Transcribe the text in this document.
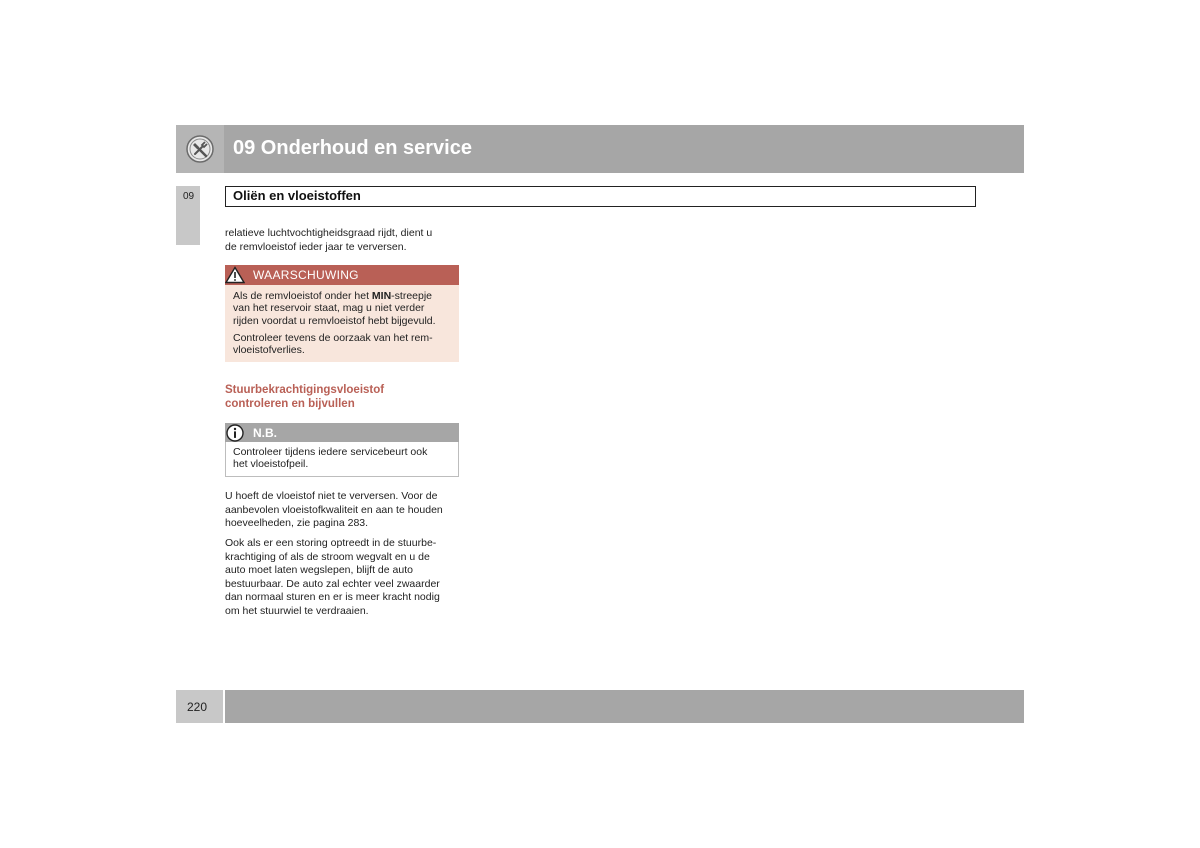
09 Onderhoud en service
09	Oliën en vloeistoffen
relatieve luchtvochtigheidsgraad rijdt, dient u
de remvloeistof ieder jaar te verversen.
WAARSCHUWING
Als de remvloeistof onder het MIN-streepje
van het reservoir staat, mag u niet verder
rijden voordat u remvloeistof hebt bijgevuld.
Controleer tevens de oorzaak van het rem-
vloeistofverlies.
Stuurbekrachtigingsvloeistof
controleren en bijvullen
N.B.
Controleer tijdens iedere servicebeurt ook
het vloeistofpeil.
U hoeft de vloeistof niet te verversen. Voor de
aanbevolen vloeistofkwaliteit en aan te houden
hoeveelheden, zie pagina 283.
Ook als er een storing optreedt in de stuurbe-
krachtiging of als de stroom wegvalt en u de
auto moet laten wegslepen, blijft de auto
bestuurbaar. De auto zal echter veel zwaarder
dan normaal sturen en er is meer kracht nodig
om het stuurwiel te verdraaien.
220
